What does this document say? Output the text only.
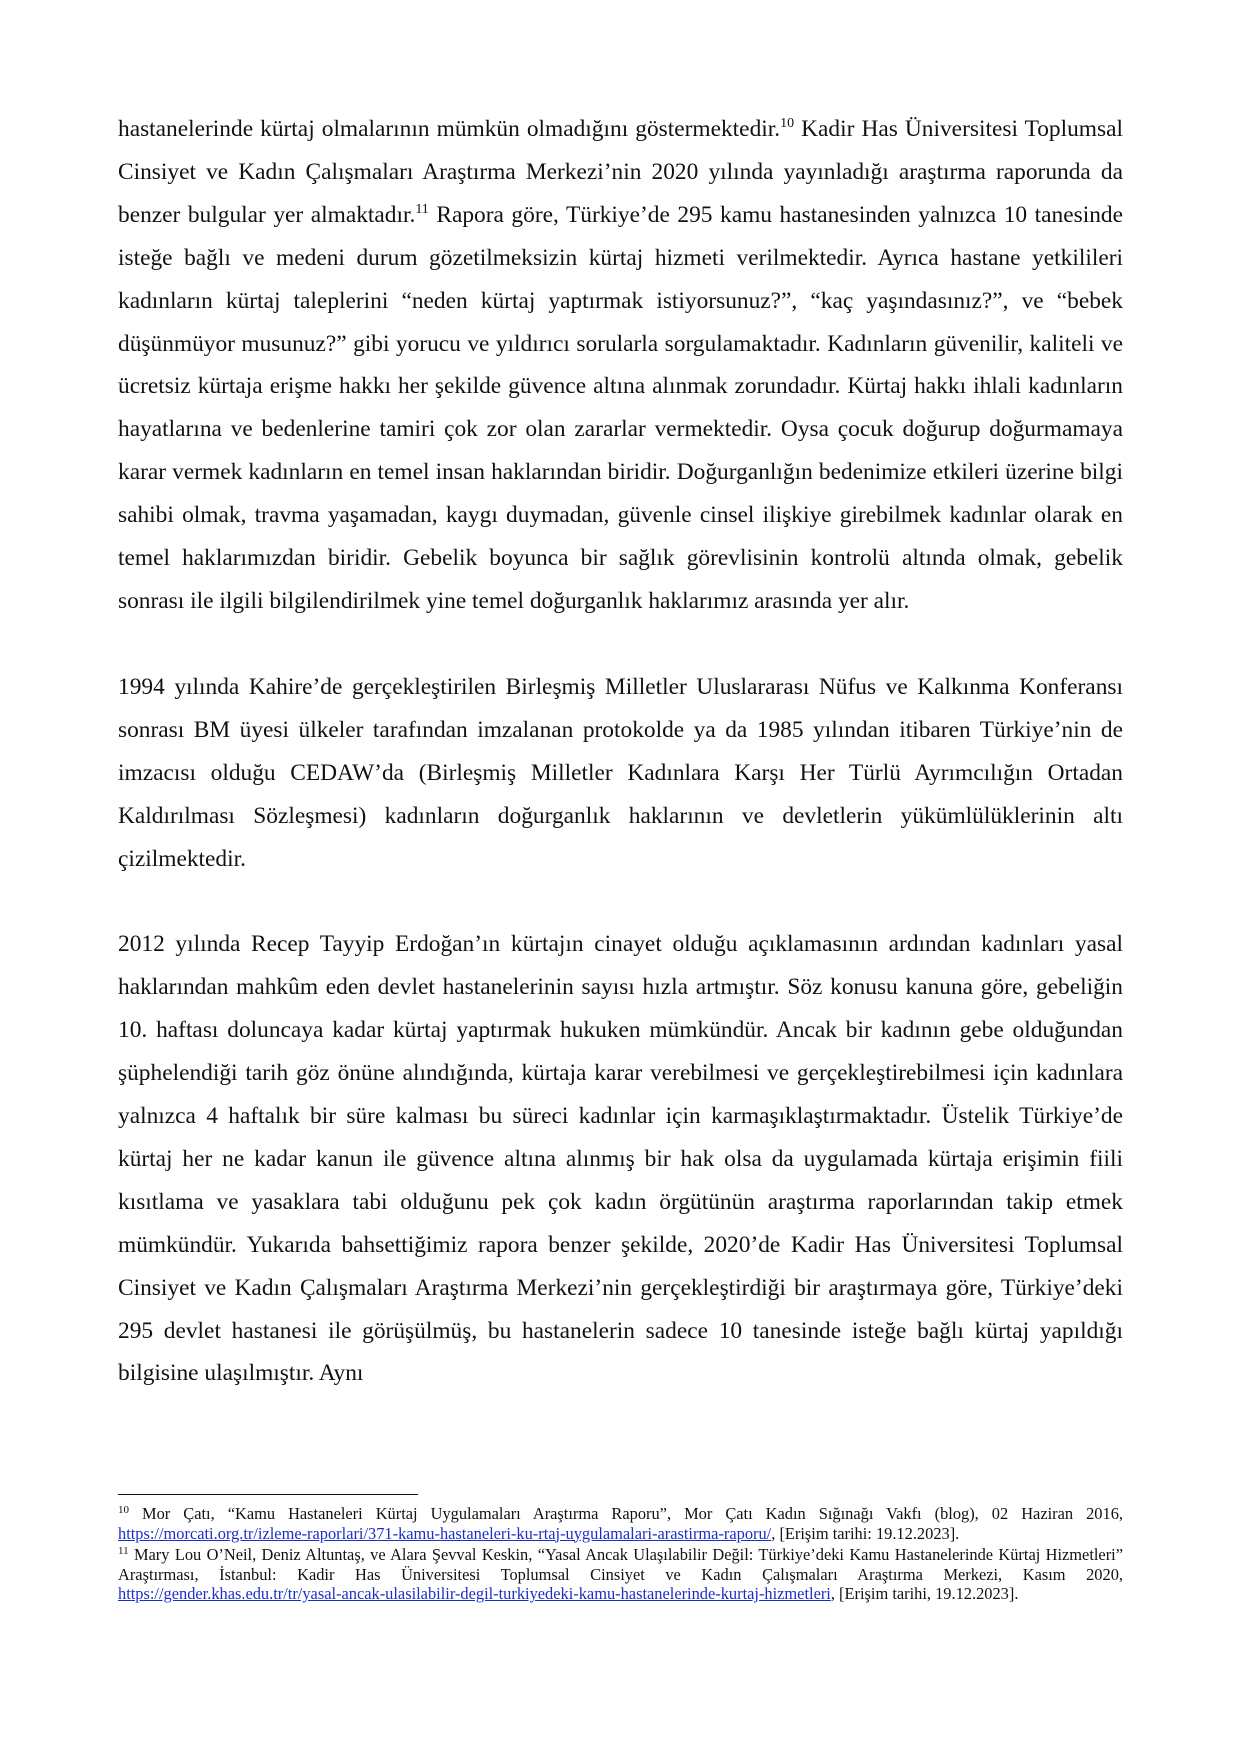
hastanelerinde kürtaj olmalarının mümkün olmadığını göstermektedir.$^{10}$ Kadir Has Üniversitesi Toplumsal Cinsiyet ve Kadın Çalışmaları Araştırma Merkezi’nin 2020 yılında yayınladığı araştırma raporunda da benzer bulgular yer almaktadır.$^{11}$ Rapora göre, Türkiye’de 295 kamu hastanesinden yalnızca 10 tanesinde isteğe bağlı ve medeni durum gözetilmeksizin kürtaj hizmeti verilmektedir. Ayrıca hastane yetkilileri kadınların kürtaj taleplerini “neden kürtaj yaptırmak istiyorsunuz?”, “kaç yaşındasınız?”, ve “bebek düşünmüyor musunuz?” gibi yorucu ve yıldırıcı sorularla sorgulamaktadır. Kadınların güvenilir, kaliteli ve ücretsiz kürtaja erişme hakkı her şekilde güvence altına alınmak zorundadır. Kürtaj hakkı ihlali kadınların hayatlarına ve bedenlerine tamiri çok zor olan zararlar vermektedir. Oysa çocuk doğurup doğurmamaya karar vermek kadınların en temel insan haklarından biridir. Doğurganlığın bedenimize etkileri üzerine bilgi sahibi olmak, travma yaşamadan, kaygı duymadan, güvenle cinsel ilişkiye girebilmek kadınlar olarak en temel haklarımızdan biridir. Gebelik boyunca bir sağlık görevlisinin kontrolü altında olmak, gebelik sonrası ile ilgili bilgilendirilmek yine temel doğurganlık haklarımız arasında yer alır.

1994 yılında Kahire’de gerçekleştirilen Birleşmiş Milletler Uluslararası Nüfus ve Kalkınma Konferansı sonrası BM üyesi ülkeler tarafından imzalanan protokolde ya da 1985 yılından itibaren Türkiye’nin de imzacısı olduğu CEDAW’da (Birleşmiş Milletler Kadınlara Karşı Her Türlü Ayrımcılığın Ortadan Kaldırılması Sözleşmesi) kadınların doğurganlık haklarının ve devletlerin yükümlülüklerinin altı çizilmektedir.

2012 yılında Recep Tayyip Erdoğan’ın kürtajın cinayet olduğu açıklamasının ardından kadınları yasal haklarından mahkûm eden devlet hastanelerinin sayısı hızla artmıştır. Söz konusu kanuna göre, gebeliğin 10. haftası doluncaya kadar kürtaj yaptırmak hukuken mümkündür. Ancak bir kadının gebe olduğundan şüphelendiği tarih göz önüne alındığında, kürtaja karar verebilmesi ve gerçekleştirebilmesi için kadınlara yalnızca 4 haftalık bir süre kalması bu süreci kadınlar için karmaşıklaştırmaktadır. Üstelik Türkiye’de kürtaj her ne kadar kanun ile güvence altına alınmış bir hak olsa da uygulamada kürtaja erişimin fiili kısıtlama ve yasaklara tabi olduğunu pek çok kadın örgütünün araştırma raporlarından takip etmek mümkündür. Yukarıda bahsettiğimiz rapora benzer şekilde, 2020’de Kadir Has Üniversitesi Toplumsal Cinsiyet ve Kadın Çalışmaları Araştırma Merkezi’nin gerçekleştirdiği bir araştırmaya göre, Türkiye’deki 295 devlet hastanesi ile görüşülmüş, bu hastanelerin sadece 10 tanesinde isteğe bağlı kürtaj yapıldığı bilgisine ulaşılmıştır. Aynı

$^{10}$ Mor Çatı, “Kamu Hastaneleri Kürtaj Uygulamaları Araştırma Raporu”, Mor Çatı Kadın Sığınağı Vakfı (blog), 02 Haziran 2016, https://morcati.org.tr/izleme-raporlari/371-kamu-hastaneleri-ku-rtaj-uygulamalari-arastirma-raporu/, [Erişim tarihi: 19.12.2023].

$^{11}$ Mary Lou O’Neil, Deniz Altuntaş, ve Alara Şevval Keskin, “Yasal Ancak Ulaşılabilir Değil: Türkiye’deki Kamu Hastanelerinde Kürtaj Hizmetleri” Araştırması, İstanbul: Kadir Has Üniversitesi Toplumsal Cinsiyet ve Kadın Çalışmaları Araştırma Merkezi, Kasım 2020, https://gender.khas.edu.tr/tr/yasal-ancak-ulasilabilir-degil-turkiyedeki-kamu-hastanelerinde-kurtaj-hizmetleri, [Erişim tarihi, 19.12.2023].
